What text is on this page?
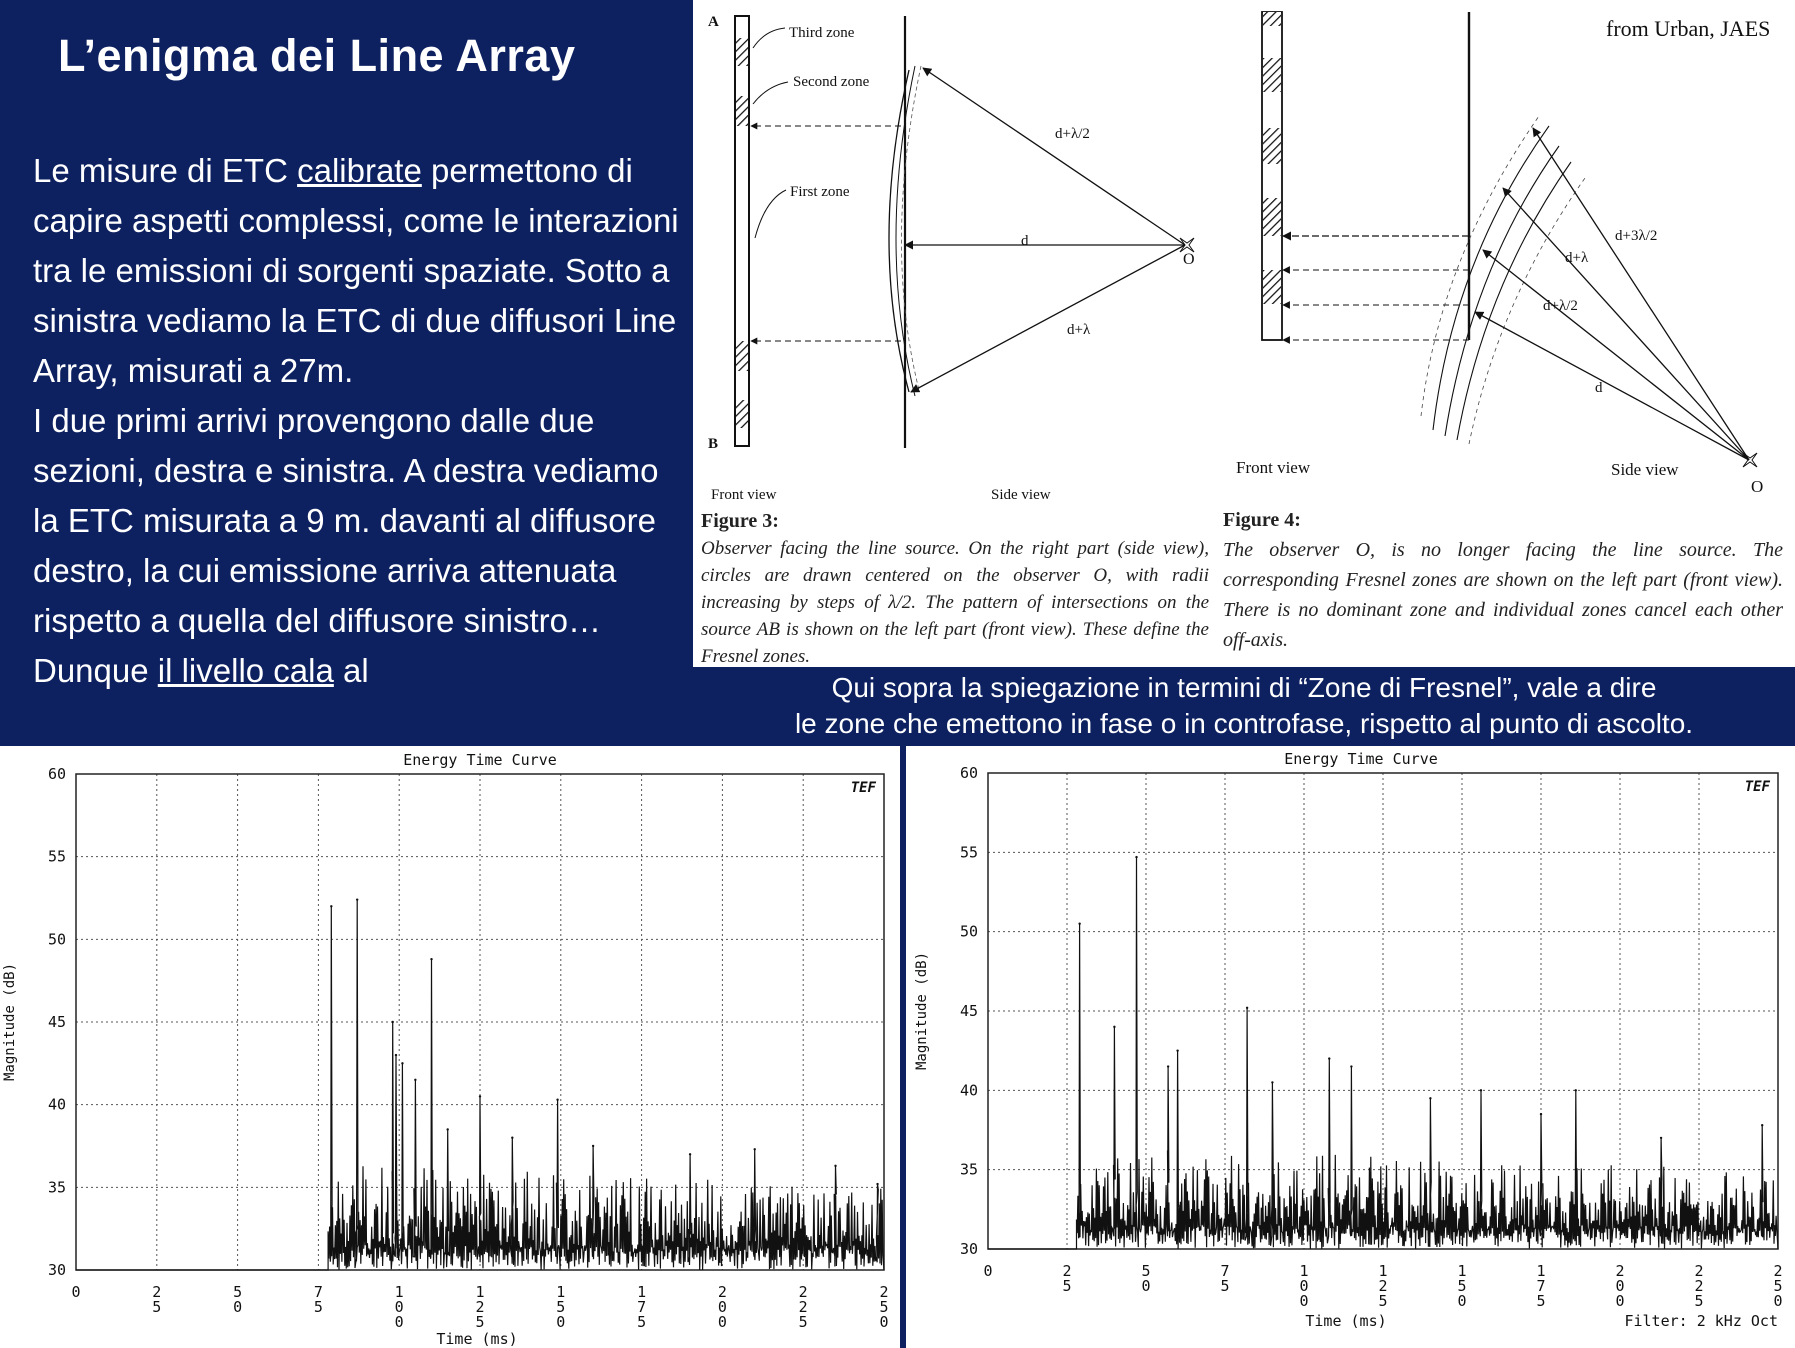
L’enigma dei Line Array

Le misure di ETC calibrate permettono di capire aspetti complessi, come le interazioni tra le emissioni di sorgenti spaziate. Sotto a sinistra vediamo la ETC di due diffusori Line Array, misurati a 27m.

I due primi arrivi provengono dalle due sezioni, destra e sinistra. A destra vediamo la ETC misurata a 9 m. davanti al diffusore destro, la cui emissione arriva attenuata rispetto a quella del diffusore sinistro… Dunque il livello cala al

A
B
Third zone
Second zone
First zone
d+λ/2
d
d+λ
O
Front view	Side view
from Urban, JAES
d+3λ/2
d+λ
d+λ/2
d
O
Front view	Side view
Figure 3:
Observer facing the line source. On the right part (side view), circles are drawn centered on the observer O, with radii increasing by steps of λ/2. The pattern of intersections on the source AB is shown on the left part (front view). These define the Fresnel zones.
Figure 4:
The observer O, is no longer facing the line source. The corresponding Fresnel zones are shown on the left part (front view). There is no dominant zone and individual zones cancel each other off-axis.
Qui sopra la spiegazione in termini di “Zone di Fresnel”, vale a dire
le zone che emettono in fase o in controfase, rispetto al punto di ascolto.
30
35
40
45
50
55
60
0	2 5
5 0
7 5
1 0 0
1 2 5
1 5 0
1 7 5
2 0 0
2 2 5
2 5 0
Energy Time Curve
Time (ms)
Magnitude (dB)
TEF
30
35
40
45
50
55
60
0	2 5
5 0
7 5
1 0 0
1 2 5
1 5 0
1 7 5
2 0 0
2 2 5
2 5 0
Energy Time Curve
Time (ms)
Magnitude (dB)
Filter: 2 kHz Oct
TEF
